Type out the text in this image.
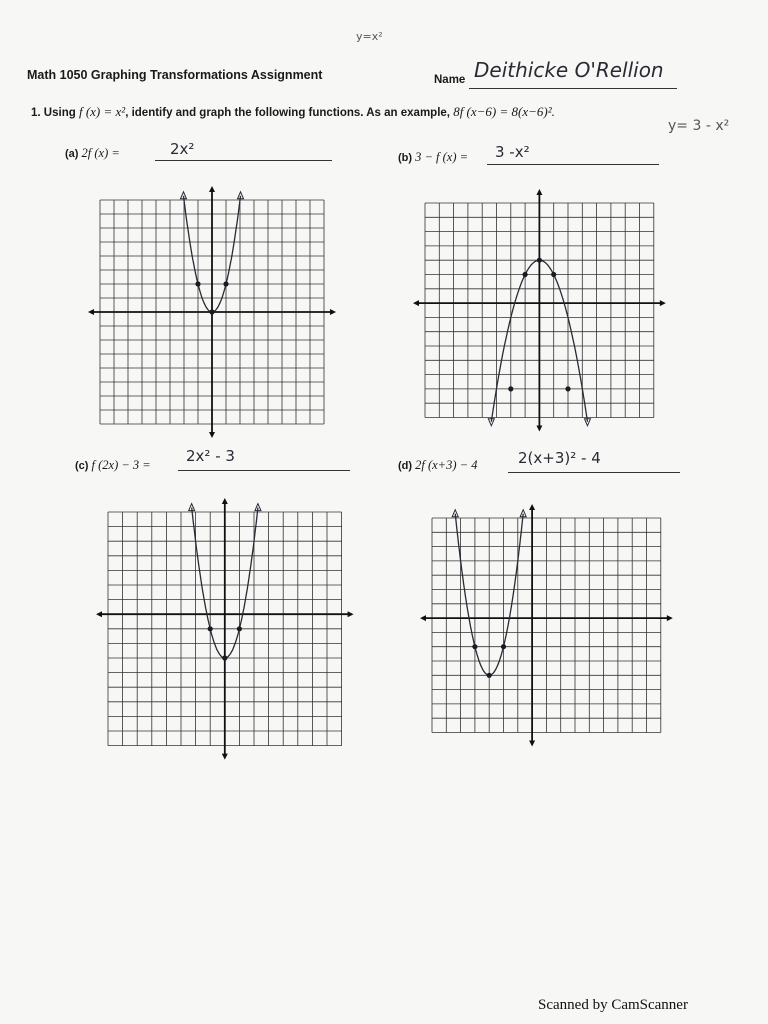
y=x²
Math 1050 Graphing Transformations Assignment	Name Deithicke O'Rellion
1. Using f (x) = x², identify and graph the following functions. As an example, 8f (x−6) = 8(x−6)².
y= 3 - x²
(a) 2f (x) =	2x²	(b) 3 − f (x) = 3 -x²
(c) f (2x) − 3 = 2x² - 3
(d) 2f (x+3) − 4	2(x+3)² - 4
Scanned by CamScanner
